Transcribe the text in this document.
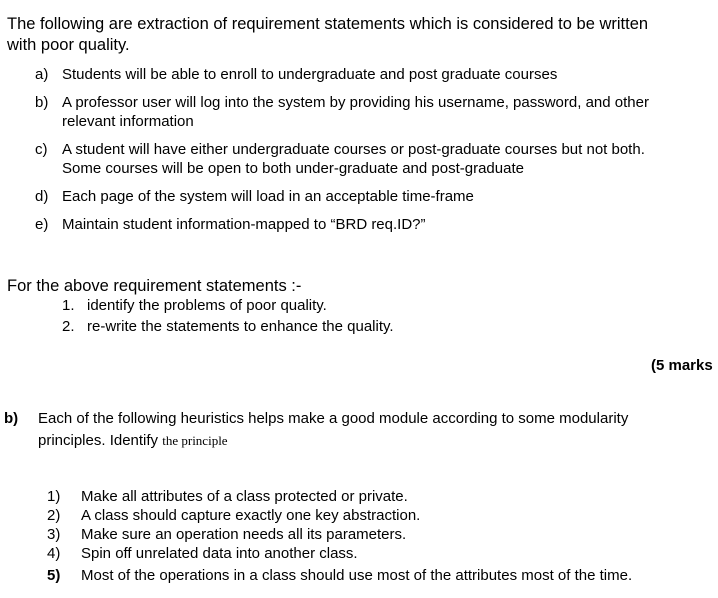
The following are extraction of requirement statements which is considered to be written
with poor quality.
a) Students will be able to enroll to undergraduate and post graduate courses
b) A professor user will log into the system by providing his username, password, and other
relevant information
c) A student will have either undergraduate courses or post-graduate courses but not both.
Some courses will be open to both under-graduate and post-graduate
d) Each page of the system will load in an acceptable time-frame
e) Maintain student information-mapped to “BRD req.ID?”
For the above requirement statements :-
1. identify the problems of poor quality.
2. re-write the statements to enhance the quality.
(5 marks
b) Each of the following heuristics helps make a good module according to some modularity
principles. Identify the principle
1) Make all attributes of a class protected or private.
2) A class should capture exactly one key abstraction.
3) Make sure an operation needs all its parameters.
4) Spin off unrelated data into another class.
5) Most of the operations in a class should use most of the attributes most of the time.
